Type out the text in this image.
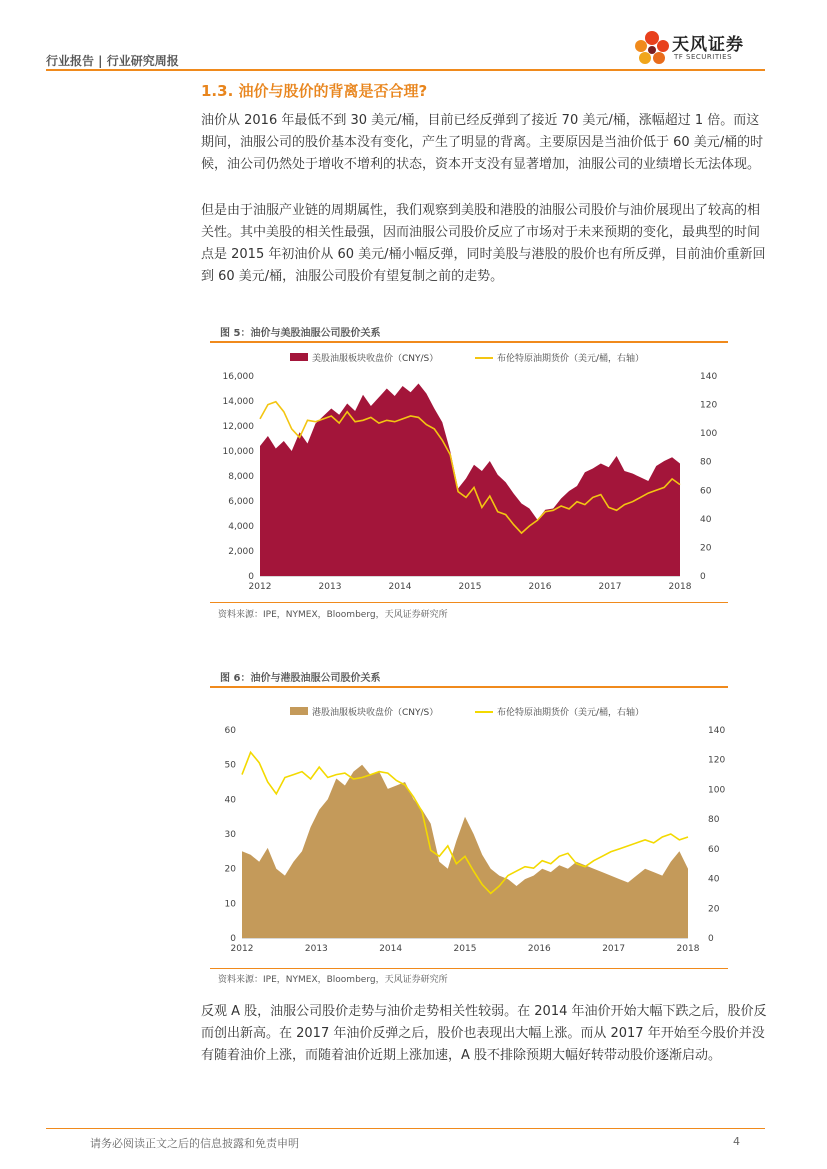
行业报告 | 行业研究周报
天风证券
TF SECURITIES
1.3. 油价与股价的背离是否合理?

油价从 2016 年最低不到 30 美元/桶，目前已经反弹到了接近 70 美元/桶，涨幅超过 1 倍。而这期间，油服公司的股价基本没有变化，产生了明显的背离。主要原因是当油价低于 60 美元/桶的时候，油公司仍然处于增收不增利的状态，资本开支没有显著增加，油服公司的业绩增长无法体现。

但是由于油服产业链的周期属性，我们观察到美股和港股的油服公司股价与油价展现出了较高的相关性。其中美股的相关性最强，因而油服公司股价反应了市场对于未来预期的变化，最典型的时间点是 2015 年初油价从 60 美元/桶小幅反弹，同时美股与港股的股价也有所反弹，目前油价重新回到 60 美元/桶，油服公司股价有望复制之前的走势。

图 5：油价与美股油服公司股价关系
美股油服板块收盘价（CNY/S）	布伦特原油期货价（美元/桶，右轴）
0
2,000
4,000
6,000
8,000
10,000
12,000
14,000
16,000
0
20
40
60
80
100
120
140
2012	2013	2014	2015	2016	2017	2018
资料来源：IPE，NYMEX，Bloomberg，天风证券研究所
图 6：油价与港股油服公司股价关系
港股油服板块收盘价（CNY/S）	布伦特原油期货价（美元/桶，右轴）
0
10
20
30
40
50
60
0
20
40
60
80
100
120
140
2012	2013	2014	2015	2016	2017	2018
资料来源：IPE，NYMEX，Bloomberg，天风证券研究所

反观 A 股，油服公司股价走势与油价走势相关性较弱。在 2014 年油价开始大幅下跌之后，股价反而创出新高。在 2017 年油价反弹之后，股价也表现出大幅上涨。而从 2017 年开始至今股价并没有随着油价上涨，而随着油价近期上涨加速，A 股不排除预期大幅好转带动股价逐渐启动。

请务必阅读正文之后的信息披露和免责申明	4
